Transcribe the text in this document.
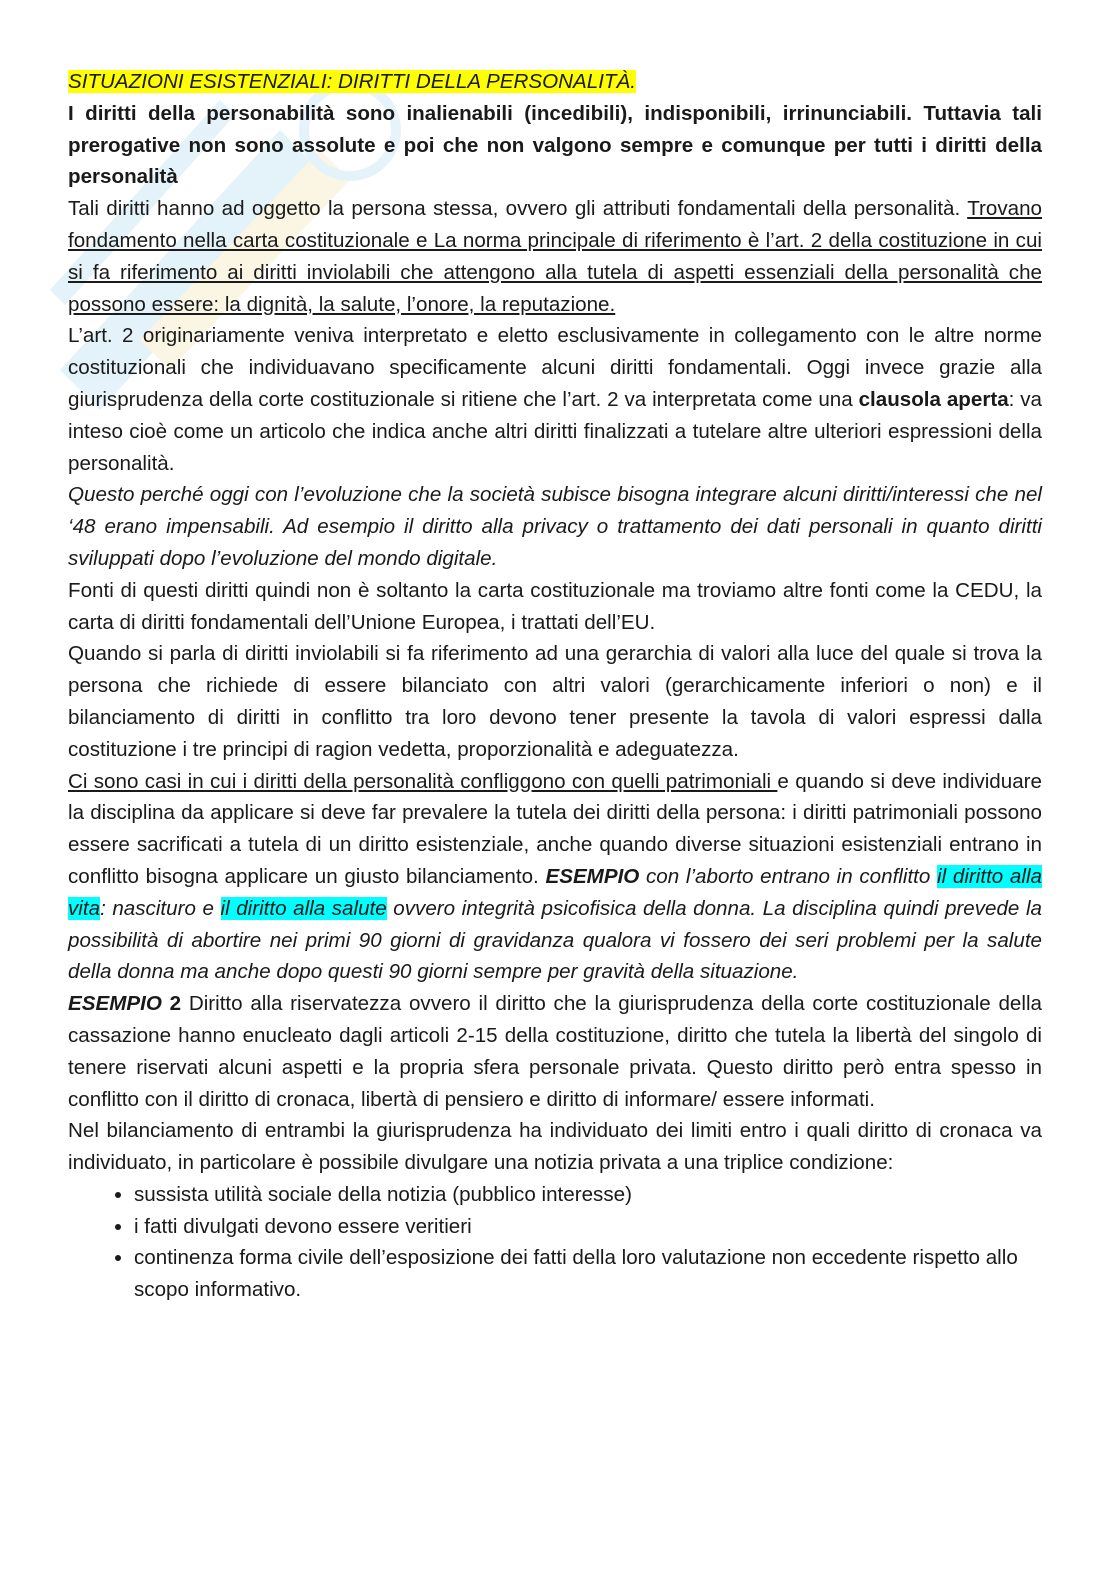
SITUAZIONI ESISTENZIALI: DIRITTI DELLA PERSONALITÀ.

I diritti della personabilità sono inalienabili (incedibili), indisponibili, irrinunciabili. Tuttavia tali prerogative non sono assolute e poi che non valgono sempre e comunque per tutti i diritti della personalità

Tali diritti hanno ad oggetto la persona stessa, ovvero gli attributi fondamentali della personalità. Trovano fondamento nella carta costituzionale e La norma principale di riferimento è l’art. 2 della costituzione in cui si fa riferimento ai diritti inviolabili che attengono alla tutela di aspetti essenziali della personalità che possono essere: la dignità, la salute, l’onore, la reputazione.

L’art. 2 originariamente veniva interpretato e eletto esclusivamente in collegamento con le altre norme costituzionali che individuavano specificamente alcuni diritti fondamentali. Oggi invece grazie alla giurisprudenza della corte costituzionale si ritiene che l’art. 2 va interpretata come una clausola aperta: va inteso cioè come un articolo che indica anche altri diritti finalizzati a tutelare altre ulteriori espressioni della personalità.

Questo perché oggi con l’evoluzione che la società subisce bisogna integrare alcuni diritti/interessi che nel ‘48 erano impensabili. Ad esempio il diritto alla privacy o trattamento dei dati personali in quanto diritti sviluppati dopo l’evoluzione del mondo digitale.

Fonti di questi diritti quindi non è soltanto la carta costituzionale ma troviamo altre fonti come la CEDU, la carta di diritti fondamentali dell’Unione Europea, i trattati dell’EU.

Quando si parla di diritti inviolabili si fa riferimento ad una gerarchia di valori alla luce del quale si trova la persona che richiede di essere bilanciato con altri valori (gerarchicamente inferiori o non) e il bilanciamento di diritti in conflitto tra loro devono tener presente la tavola di valori espressi dalla costituzione i tre principi di ragion vedetta, proporzionalità e adeguatezza.

Ci sono casi in cui i diritti della personalità confliggono con quelli patrimoniali e quando si deve individuare la disciplina da applicare si deve far prevalere la tutela dei diritti della persona: i diritti patrimoniali possono essere sacrificati a tutela di un diritto esistenziale, anche quando diverse situazioni esistenziali entrano in conflitto bisogna applicare un giusto bilanciamento. ESEMPIO con l’aborto entrano in conflitto il diritto alla vita: nascituro e il diritto alla salute ovvero integrità psicofisica della donna. La disciplina quindi prevede la possibilità di abortire nei primi 90 giorni di gravidanza qualora vi fossero dei seri problemi per la salute della donna ma anche dopo questi 90 giorni sempre per gravità della situazione.

ESEMPIO 2 Diritto alla riservatezza ovvero il diritto che la giurisprudenza della corte costituzionale della cassazione hanno enucleato dagli articoli 2-15 della costituzione, diritto che tutela la libertà del singolo di tenere riservati alcuni aspetti e la propria sfera personale privata. Questo diritto però entra spesso in conflitto con il diritto di cronaca, libertà di pensiero e diritto di informare/ essere informati.

Nel bilanciamento di entrambi la giurisprudenza ha individuato dei limiti entro i quali diritto di cronaca va individuato, in particolare è possibile divulgare una notizia privata a una triplice condizione:

• sussista utilità sociale della notizia (pubblico interesse)
• i fatti divulgati devono essere veritieri
• continenza forma civile dell’esposizione dei fatti della loro valutazione non eccedente rispetto allo scopo informativo.
